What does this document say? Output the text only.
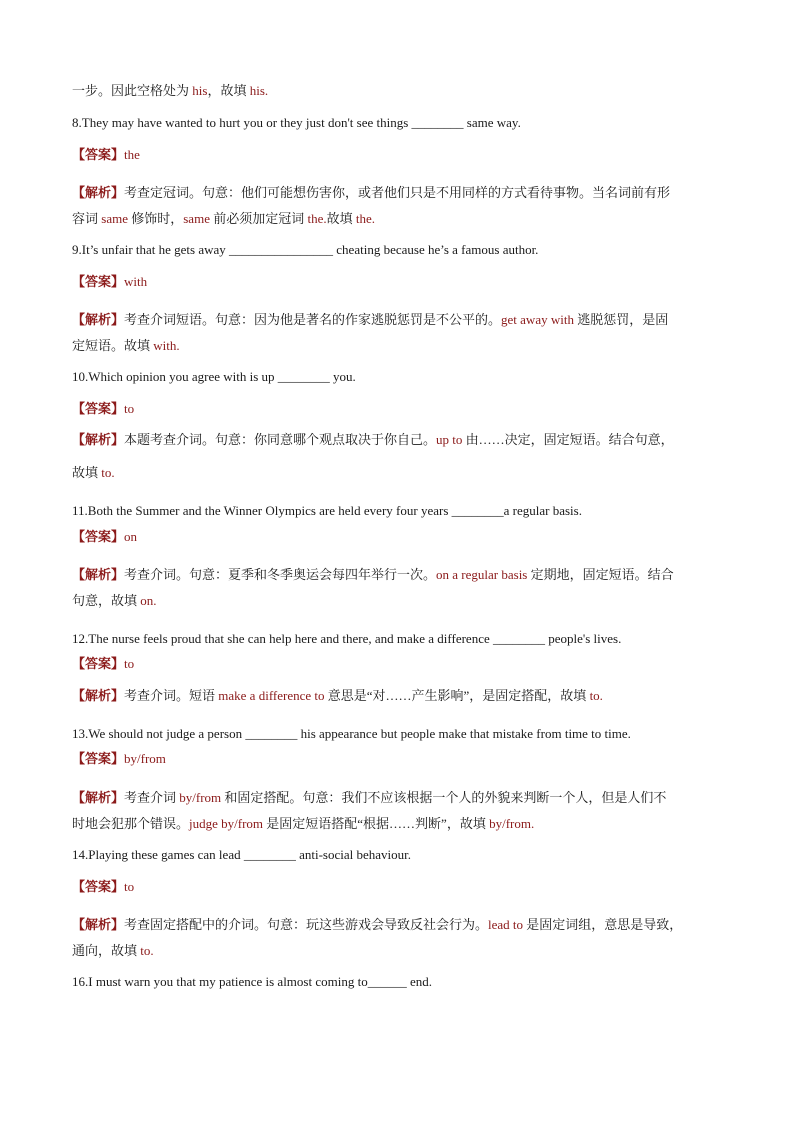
一步。因此空格处为 his，故填 his.
8.They may have wanted to hurt you or they just don't see things ________ same way.
【答案】the
【解析】考查定冠词。句意：他们可能想伤害你，或者他们只是不用同样的方式看待事物。当名词前有形
容词 same 修饰时，same 前必须加定冠词 the.故填 the.
9.It’s unfair that he gets away ________________ cheating because he’s a famous author.
【答案】with
【解析】考查介词短语。句意：因为他是著名的作家逃脱惩罚是不公平的。get away with 逃脱惩罚，是固
定短语。故填 with.
10.Which opinion you agree with is up ________ you.
【答案】to
【解析】本题考查介词。句意：你同意哪个观点取决于你自己。up to 由……决定，固定短语。结合句意，
故填 to.
11.Both the Summer and the Winner Olympics are held every four years ________a regular basis.
【答案】on
【解析】考查介词。句意：夏季和冬季奥运会每四年举行一次。on a regular basis 定期地，固定短语。结合
句意，故填 on.
12.The nurse feels proud that she can help here and there, and make a difference ________ people's lives.
【答案】to
【解析】考查介词。短语 make a difference to 意思是“对……产生影响”，是固定搭配，故填 to.
13.We should not judge a person ________ his appearance but people make that mistake from time to time.
【答案】by/from
【解析】考查介词 by/from 和固定搭配。句意：我们不应该根据一个人的外貌来判断一个人，但是人们不
时地会犯那个错误。judge by/from 是固定短语搭配“根据……判断”，故填 by/from.
14.Playing these games can lead ________ anti-social behaviour.
【答案】to
【解析】考查固定搭配中的介词。句意：玩这些游戏会导致反社会行为。lead to 是固定词组，意思是导致，
通向，故填 to.
16.I must warn you that my patience is almost coming to______ end.
